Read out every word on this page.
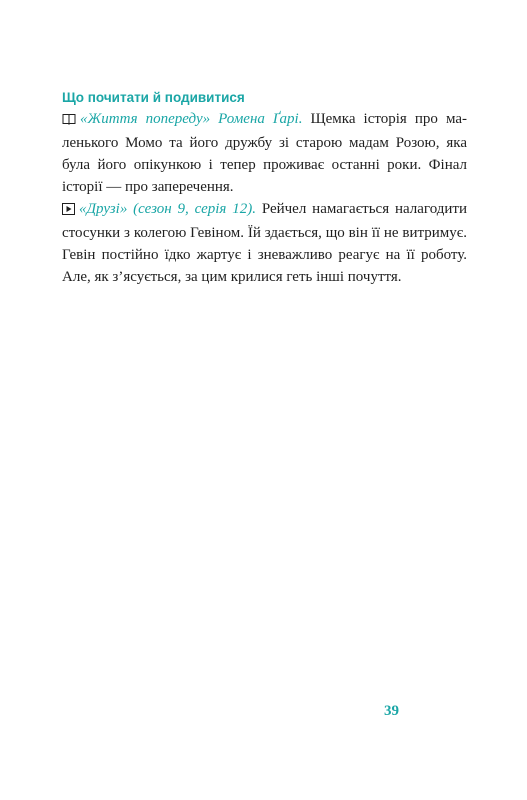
Що почитати й подивитися

«Життя попереду» Ромена Ґарі. Щемка історія про маленького Момо та його дружбу зі старою мадам Розою, яка була його опікункою і тепер проживає останні роки. Фінал історії — про заперечення.

«Друзі» (сезон 9, серія 12). Рейчел намагається налагодити стосунки з колегою Гевіном. Їй здається, що він її не витримує. Гевін постійно їдко жартує і зневажливо реагує на її роботу. Але, як з’ясується, за цим крилися геть інші почуття.

39
